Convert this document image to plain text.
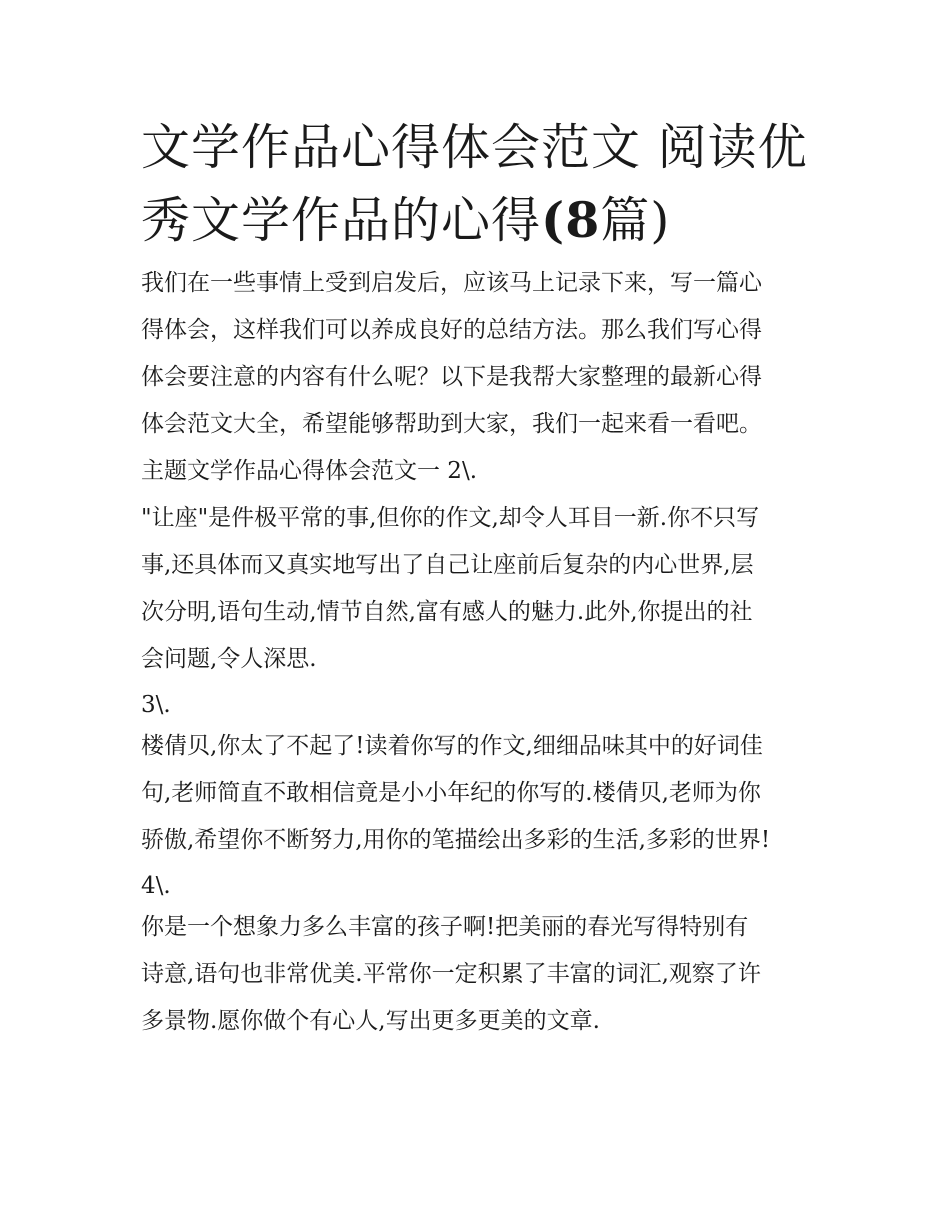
文学作品心得体会范文 阅读优
秀文学作品的心得(8篇)
我们在一些事情上受到启发后，应该马上记录下来，写一篇心
得体会，这样我们可以养成良好的总结方法。那么我们写心得
体会要注意的内容有什么呢？以下是我帮大家整理的最新心得
体会范文大全，希望能够帮助到大家，我们一起来看一看吧。
主题文学作品心得体会范文一 2\.
"让座"是件极平常的事,但你的作文,却令人耳目一新.你不只写
事,还具体而又真实地写出了自己让座前后复杂的内心世界,层
次分明,语句生动,情节自然,富有感人的魅力.此外,你提出的社
会问题,令人深思.
3\.
楼倩贝,你太了不起了!读着你写的作文,细细品味其中的好词佳
句,老师简直不敢相信竟是小小年纪的你写的.楼倩贝,老师为你
骄傲,希望你不断努力,用你的笔描绘出多彩的生活,多彩的世界!
4\.
你是一个想象力多么丰富的孩子啊!把美丽的春光写得特别有
诗意,语句也非常优美.平常你一定积累了丰富的词汇,观察了许
多景物.愿你做个有心人,写出更多更美的文章.
